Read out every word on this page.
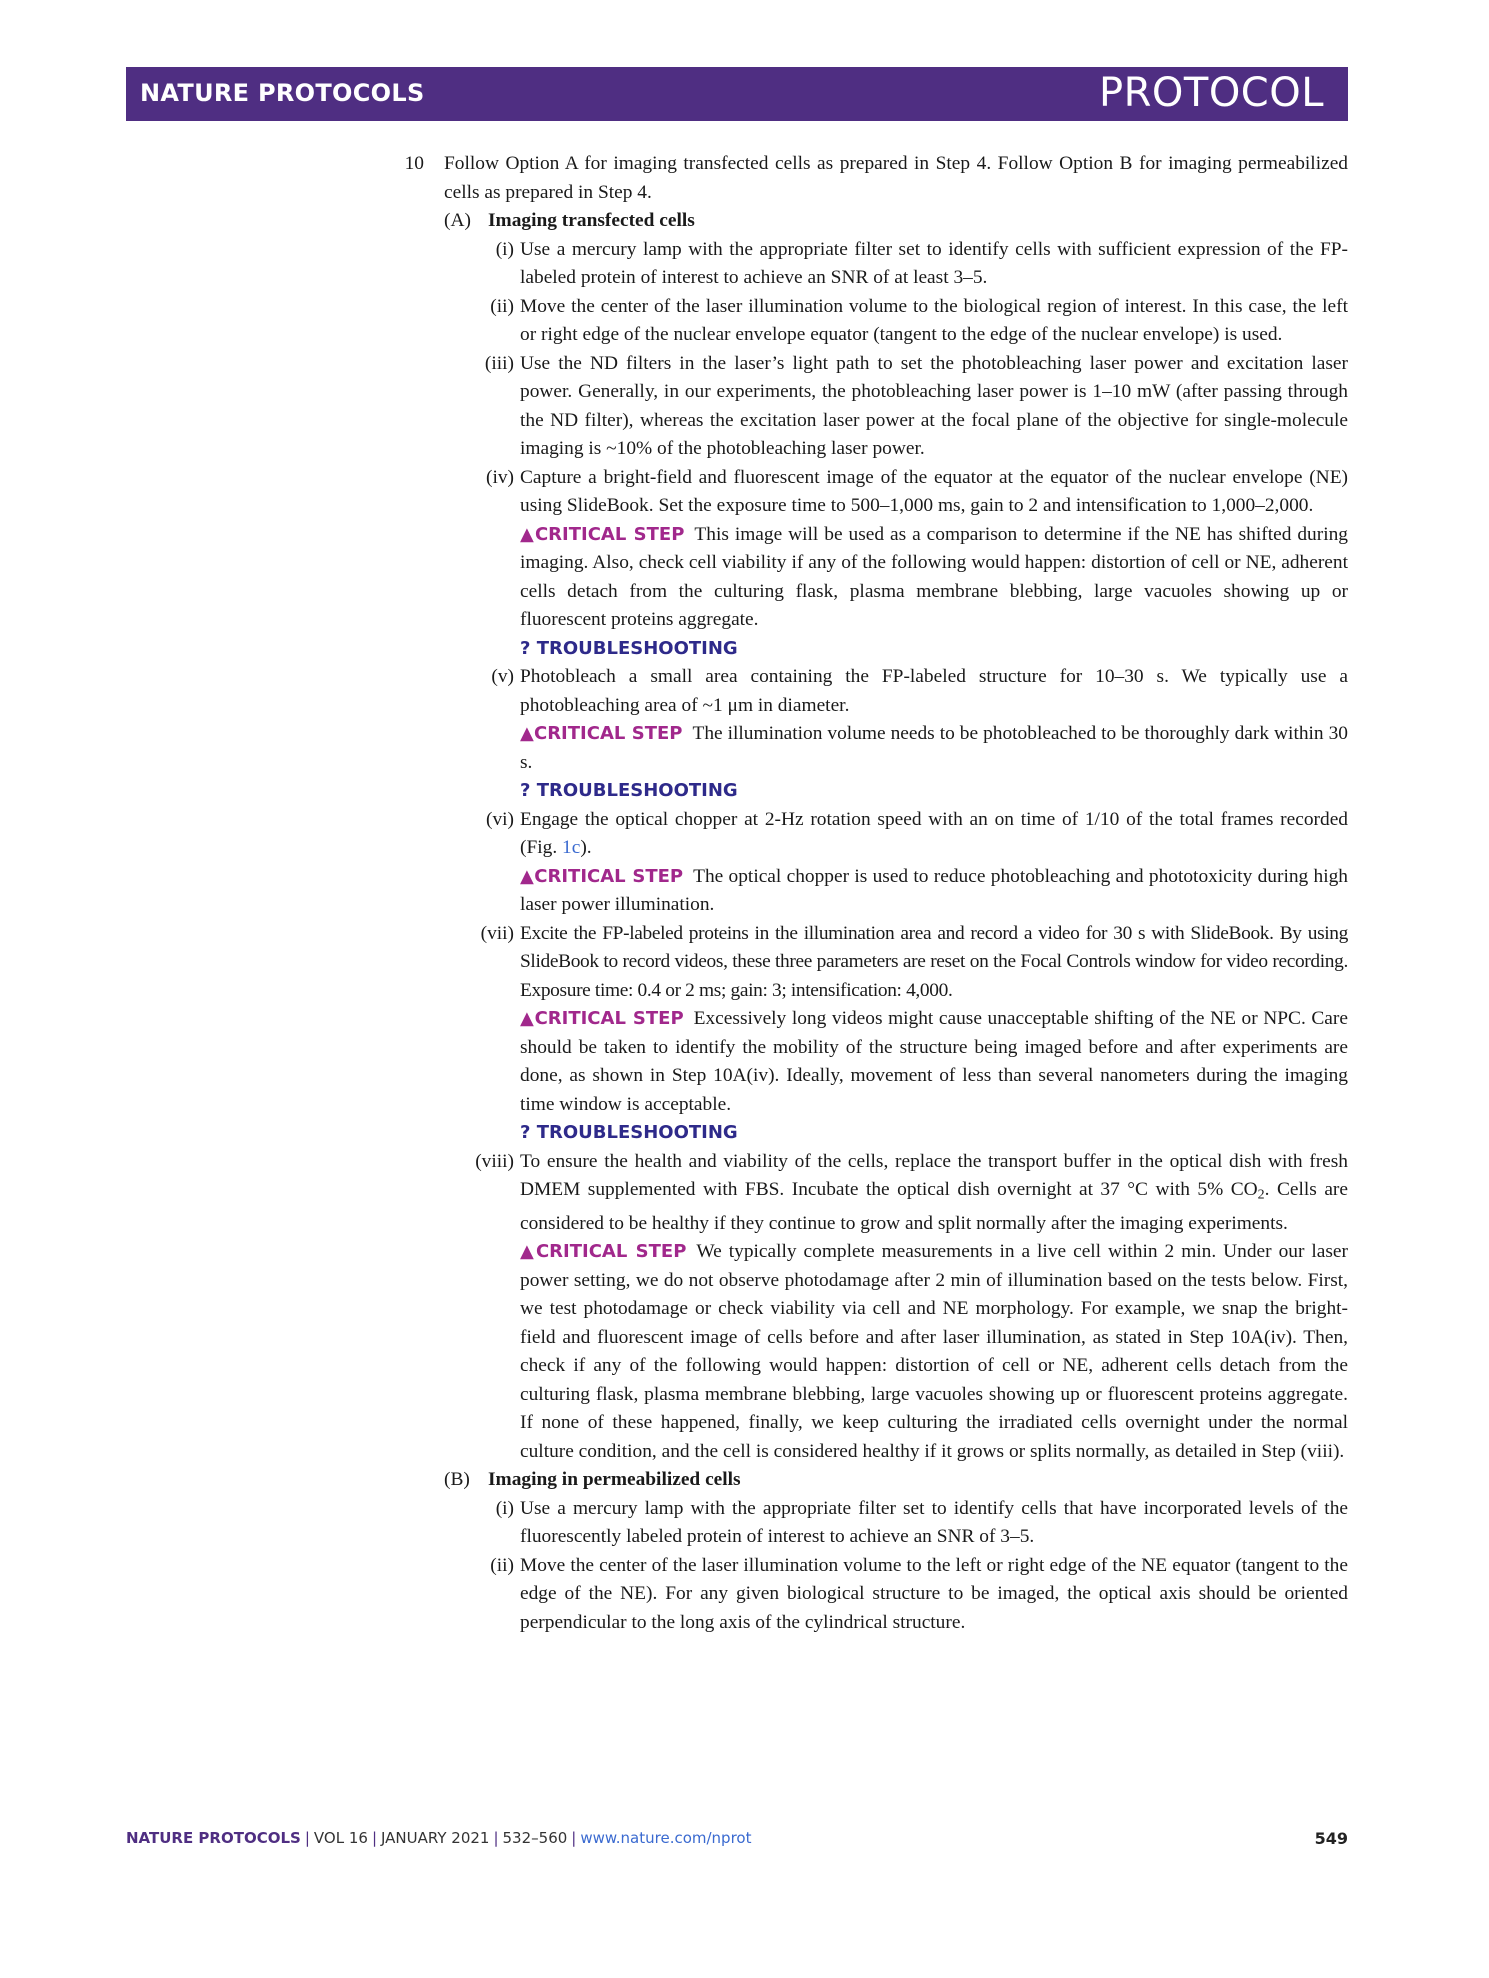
NATURE PROTOCOLS	PROTOCOL
10 Follow Option A for imaging transfected cells as prepared in Step 4. Follow Option B for imaging permeabilized cells as prepared in Step 4.

(A) Imaging transfected cells
(i) Use a mercury lamp with the appropriate filter set to identify cells with sufficient expression of the FP-labeled protein of interest to achieve an SNR of at least 3–5.

(ii) Move the center of the laser illumination volume to the biological region of interest. In this case, the left or right edge of the nuclear envelope equator (tangent to the edge of the nuclear envelope) is used.

(iii) Use the ND filters in the laser’s light path to set the photobleaching laser power and excitation laser power. Generally, in our experiments, the photobleaching laser power is 1–10 mW (after passing through the ND filter), whereas the excitation laser power at the focal plane of the objective for single-molecule imaging is ~10% of the photobleaching laser power.

(iv) Capture a bright-field and fluorescent image of the equator at the equator of the nuclear envelope (NE) using SlideBook. Set the exposure time to 500–1,000 ms, gain to 2 and intensification to 1,000–2,000.

▲CRITICAL STEP This image will be used as a comparison to determine if the NE has shifted during imaging. Also, check cell viability if any of the following would happen: distortion of cell or NE, adherent cells detach from the culturing flask, plasma membrane blebbing, large vacuoles showing up or fluorescent proteins aggregate.
? TROUBLESHOOTING
(v) Photobleach a small area containing the FP-labeled structure for 10–30 s. We typically use a photobleaching area of ~1 μm in diameter.

▲CRITICAL STEP The illumination volume needs to be photobleached to be thoroughly dark within 30 s.
? TROUBLESHOOTING
(vi) Engage the optical chopper at 2-Hz rotation speed with an on time of 1/10 of the total frames recorded (Fig. 1c).

▲CRITICAL STEP The optical chopper is used to reduce photobleaching and phototoxicity during high laser power illumination.
(vii) Excite the FP-labeled proteins in the illumination area and record a video for 30 s with SlideBook. By using SlideBook to record videos, these three parameters are reset on the Focal Controls window for video recording. Exposure time: 0.4 or 2 ms; gain: 3; intensification: 4,000.

▲CRITICAL STEP Excessively long videos might cause unacceptable shifting of the NE or NPC. Care should be taken to identify the mobility of the structure being imaged before and after experiments are done, as shown in Step 10A(iv). Ideally, movement of less than several nanometers during the imaging time window is acceptable.
? TROUBLESHOOTING
(viii) To ensure the health and viability of the cells, replace the transport buffer in the optical dish with fresh DMEM supplemented with FBS. Incubate the optical dish overnight at 37 °C with 5% CO2. Cells are considered to be healthy if they continue to grow and split normally after the imaging experiments.

▲CRITICAL STEP We typically complete measurements in a live cell within 2 min. Under our laser power setting, we do not observe photodamage after 2 min of illumination based on the tests below. First, we test photodamage or check viability via cell and NE morphology. For example, we snap the bright-field and fluorescent image of cells before and after laser illumination, as stated in Step 10A(iv). Then, check if any of the following would happen: distortion of cell or NE, adherent cells detach from the culturing flask, plasma membrane blebbing, large vacuoles showing up or fluorescent proteins aggregate. If none of these happened, finally, we keep culturing the irradiated cells overnight under the normal culture condition, and the cell is considered healthy if it grows or splits normally, as detailed in Step (viii).
(B) Imaging in permeabilized cells
(i) Use a mercury lamp with the appropriate filter set to identify cells that have incorporated levels of the fluorescently labeled protein of interest to achieve an SNR of 3–5.

(ii) Move the center of the laser illumination volume to the left or right edge of the NE equator (tangent to the edge of the NE). For any given biological structure to be imaged, the optical axis should be oriented perpendicular to the long axis of the cylindrical structure.

NATURE PROTOCOLS | VOL 16 | JANUARY 2021 | 532–560 | www.nature.com/nprot	549
